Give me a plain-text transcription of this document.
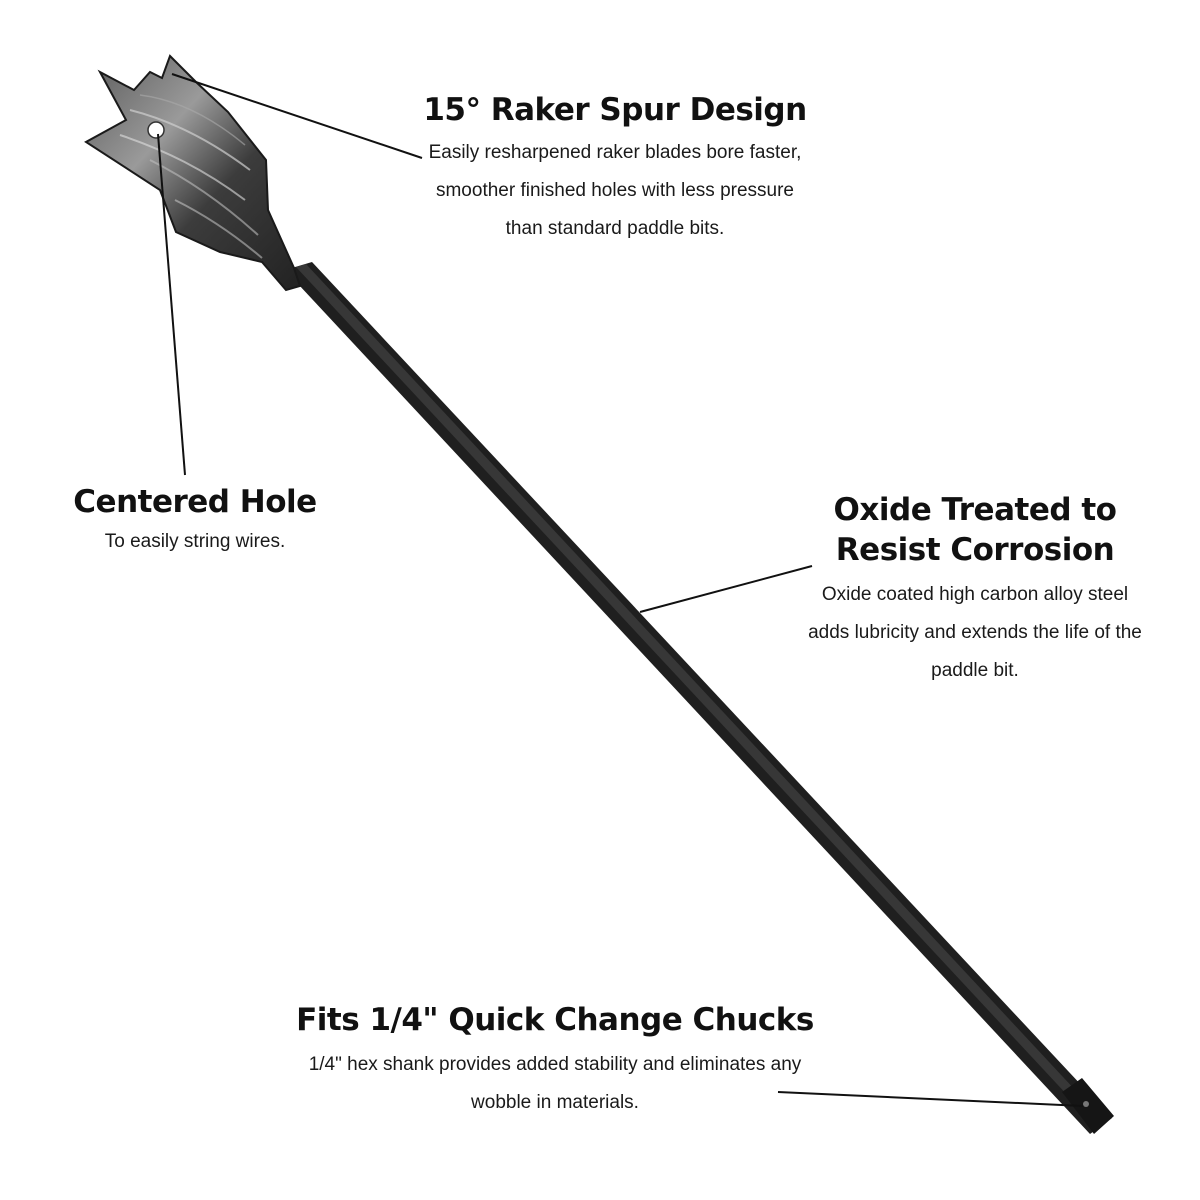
15° Raker Spur Design

Easily resharpened raker blades bore faster, smoother finished holes with less pressure than standard paddle bits.

Centered Hole

To easily string wires.

Oxide Treated to Resist Corrosion

Oxide coated high carbon alloy steel adds lubricity and extends the life of the paddle bit.

Fits 1/4" Quick Change Chucks

1/4" hex shank provides added stability and eliminates any wobble in materials.
